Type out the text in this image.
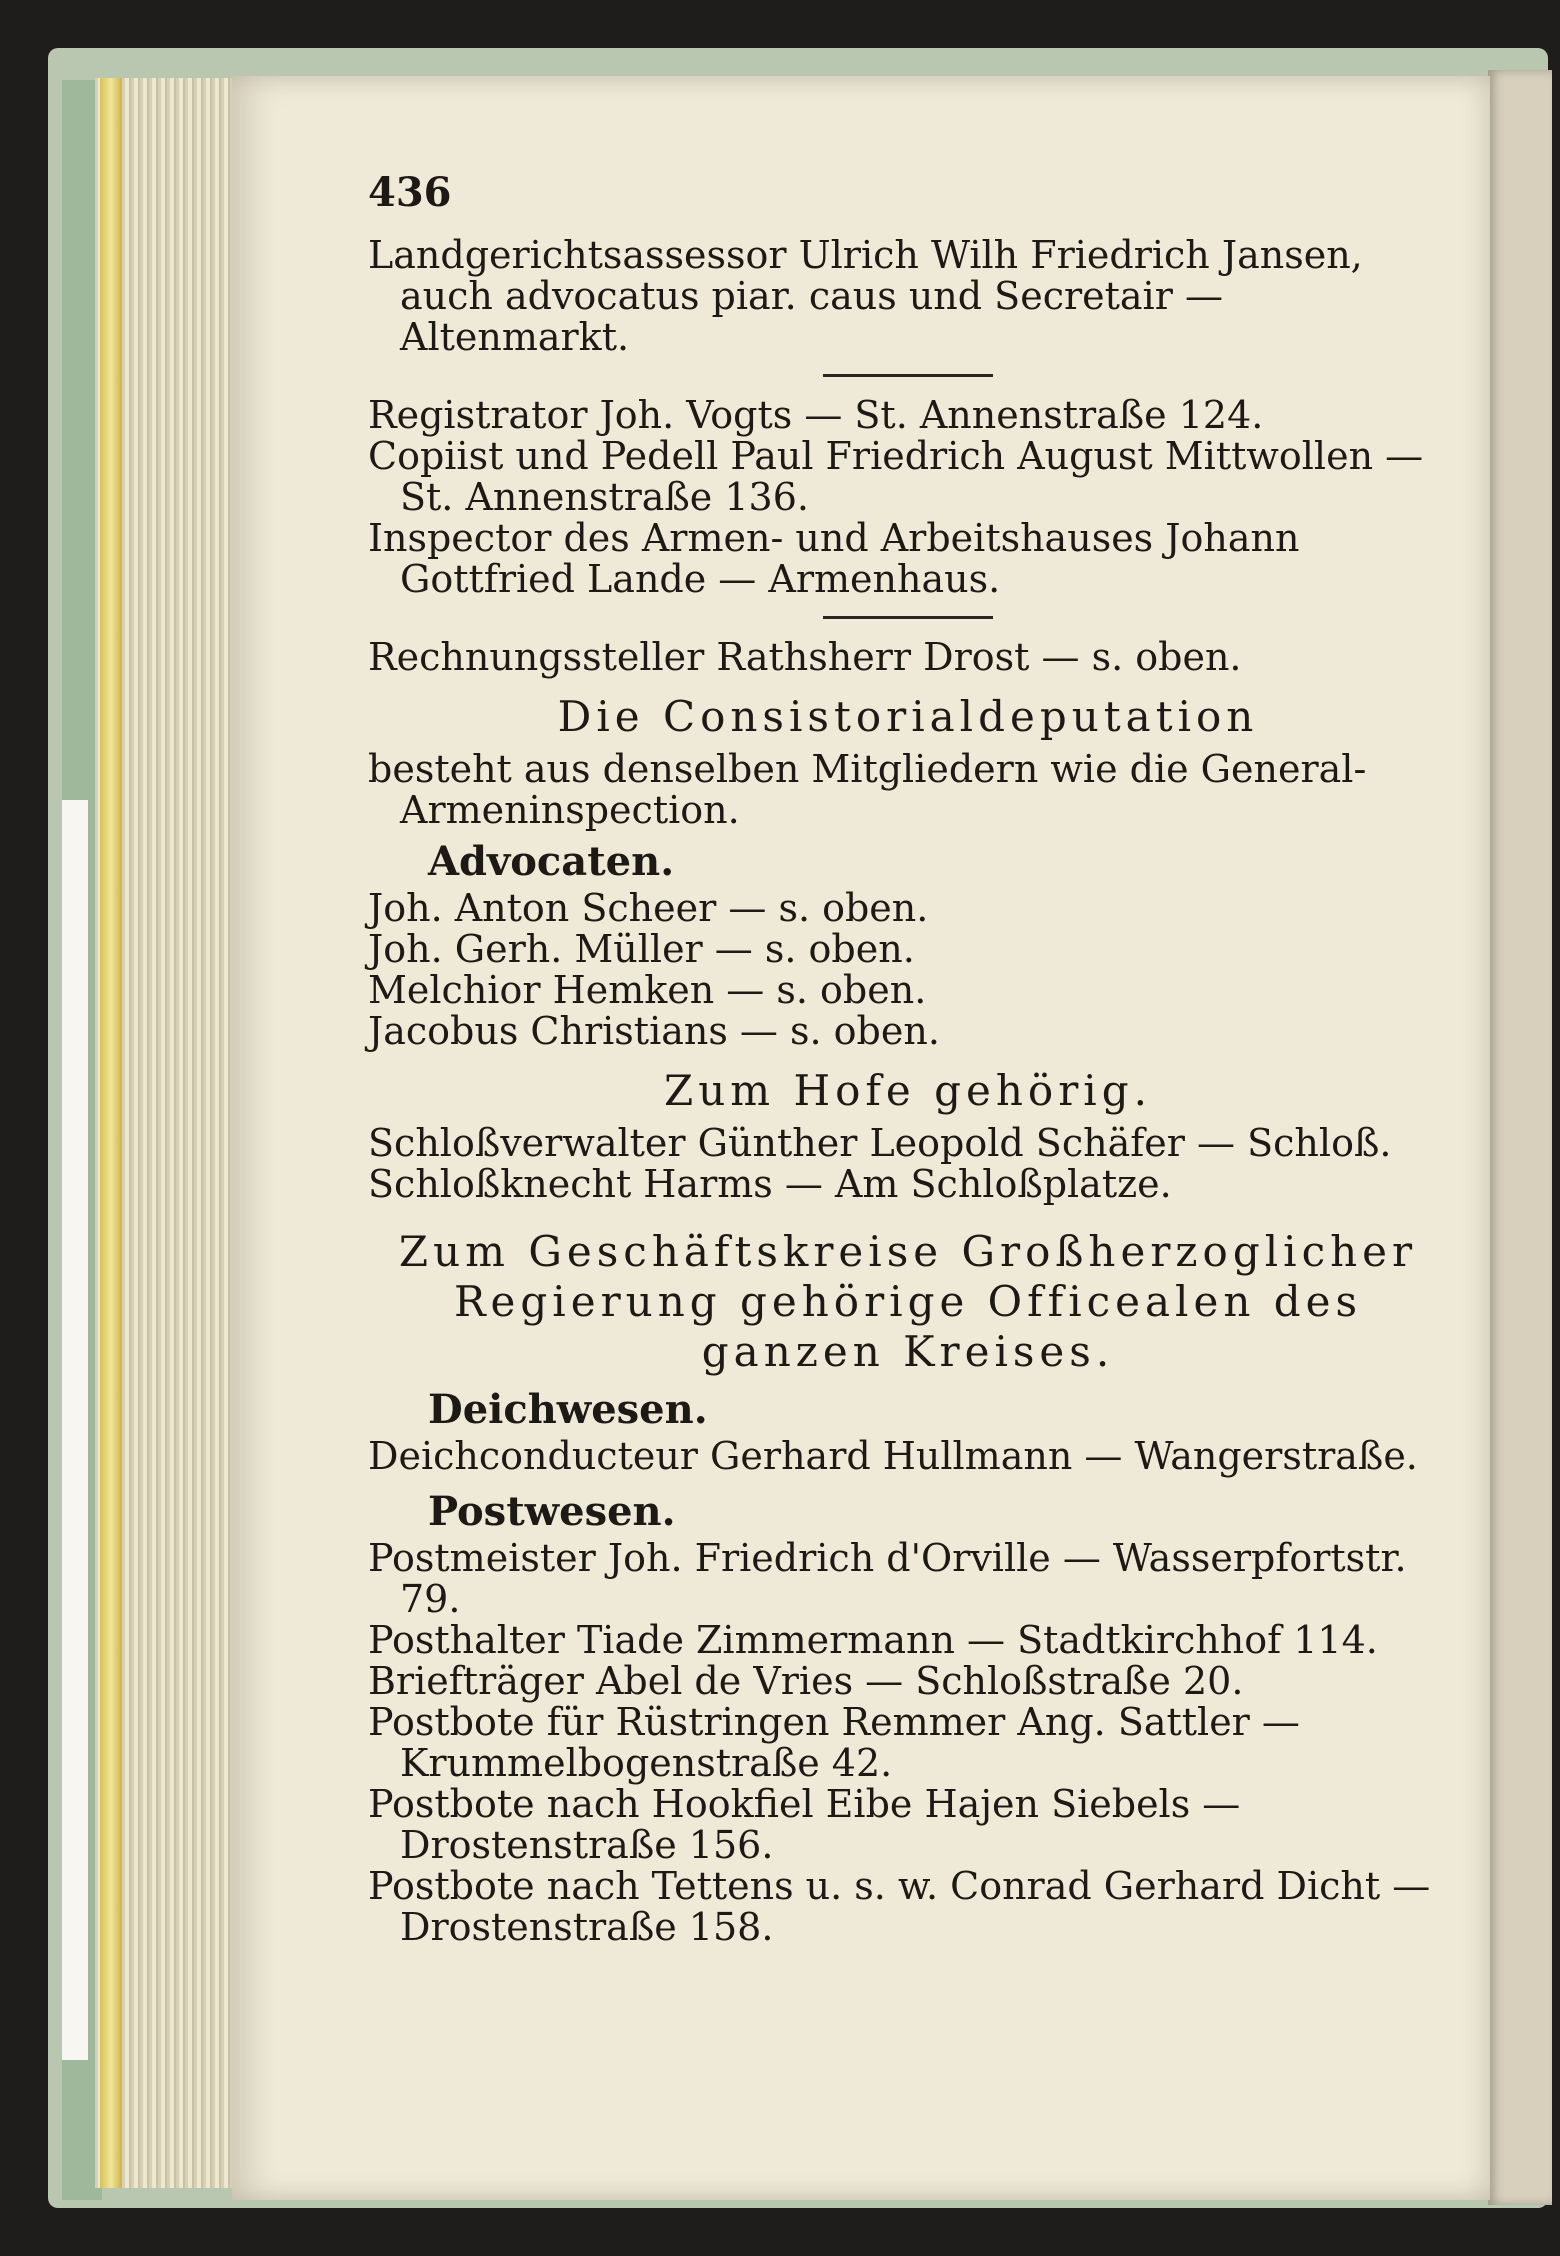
436

Landgerichtsassessor Ulrich Wilh Friedrich Jansen, auch advocatus piar. caus und Secretair — Altenmarkt.

Registrator Joh. Vogts — St. Annenstraße 124.

Copiist und Pedell Paul Friedrich August Mittwollen — St. Annenstraße 136.

Inspector des Armen- und Arbeitshauses Johann Gottfried Lande — Armenhaus.

Rechnungssteller Rathsherr Drost — s. oben.

Die Consistorialdeputation

besteht aus denselben Mitgliedern wie die General-Armeninspection.

Advocaten.

Joh. Anton Scheer — s. oben.

Joh. Gerh. Müller — s. oben.

Melchior Hemken — s. oben.

Jacobus Christians — s. oben.

Zum Hofe gehörig.

Schloßverwalter Günther Leopold Schäfer — Schloß.

Schloßknecht Harms — Am Schloßplatze.

Zum Geschäftskreise Großherzoglicher Regierung gehörige Officealen des ganzen Kreises.
Deichwesen.

Deichconducteur Gerhard Hullmann — Wangerstraße.

Postwesen.

Postmeister Joh. Friedrich d'Orville — Wasserpfortstr. 79.

Posthalter Tiade Zimmermann — Stadtkirchhof 114.

Briefträger Abel de Vries — Schloßstraße 20.

Postbote für Rüstringen Remmer Ang. Sattler — Krummelbogenstraße 42.

Postbote nach Hookfiel Eibe Hajen Siebels — Drostenstraße 156.

Postbote nach Tettens u. s. w. Conrad Gerhard Dicht — Drostenstraße 158.
